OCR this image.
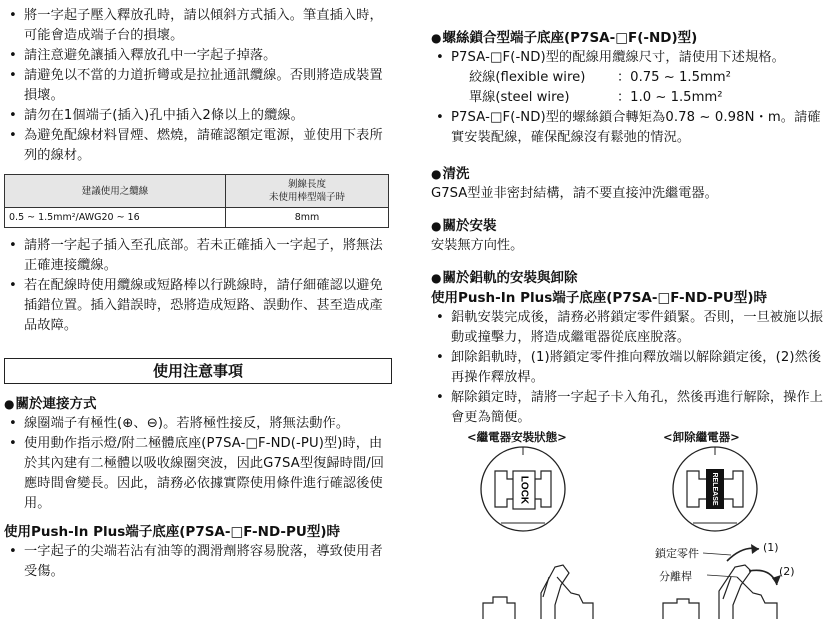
• 將一字起子壓入釋放孔時，請以傾斜方式插入。筆直插入時，可能會造成端子台的損壞。
• 請注意避免讓插入釋放孔中一字起子掉落。
• 請避免以不當的力道折彎或是拉扯通訊纜線。否則將造成裝置損壞。
• 請勿在1個端子(插入)孔中插入2條以上的纜線。
• 為避免配線材料冒煙、燃燒，請確認額定電源，並使用下表所列的線材。
建議使用之纜線	剝線長度
未使用棒型端子時
0.5 ~ 1.5mm²/AWG20 ~ 16	8mm
• 請將一字起子插入至孔底部。若未正確插入一字起子，將無法正確連接纜線。
• 若在配線時使用纜線或短路棒以行跳線時，請仔細確認以避免插錯位置。插入錯誤時，恐將造成短路、誤動作、甚至造成產品故障。
使用注意事項

● 關於連接方式

• 線圈端子有極性(⊕、⊖)。若將極性接反，將無法動作。
• 使用動作指示燈/附二極體底座(P7SA-□F-ND(-PU)型)時，由於其內建有二極體以吸收線圈突波，因此G7SA型復歸時間/回應時間會變長。因此，請務必依據實際使用條件進行確認後使用。

使用Push-In Plus端子底座(P7SA-□F-ND-PU型)時

• 一字起子的尖端若沾有油等的潤滑劑將容易脫落，導致使用者受傷。

● 螺絲鎖合型端子底座(P7SA-□F(-ND)型)

• P7SA-□F(-ND)型的配線用纜線尺寸，請使用下述規格。
絞線(flexible wire)	：0.75 ~ 1.5mm²
單線(steel wire)	：1.0 ~ 1.5mm²
• P7SA-□F(-ND)型的螺絲鎖合轉矩為0.78 ~ 0.98N・m。請確實安裝配線，確保配線沒有鬆弛的情況。

● 清洗

G7SA型並非密封結構，請不要直接沖洗繼電器。

● 關於安裝

安裝無方向性。

● 關於鋁軌的安裝與卸除

使用Push-In Plus端子底座(P7SA-□F-ND-PU型)時

• 鋁軌安裝完成後，請務必將鎖定零件鎖緊。否則，一旦被施以振動或撞擊力，將造成繼電器從底座脫落。
• 卸除鋁軌時，(1)將鎖定零件推向釋放端以解除鎖定後，(2)然後再操作釋放桿。
• 解除鎖定時，請將一字起子卡入角孔，然後再進行解除，操作上會更為簡便。
<繼電器安裝狀態>	<卸除繼電器>
LOCK	RELEASE
鎖定零件
分離桿
(1)
(2)
